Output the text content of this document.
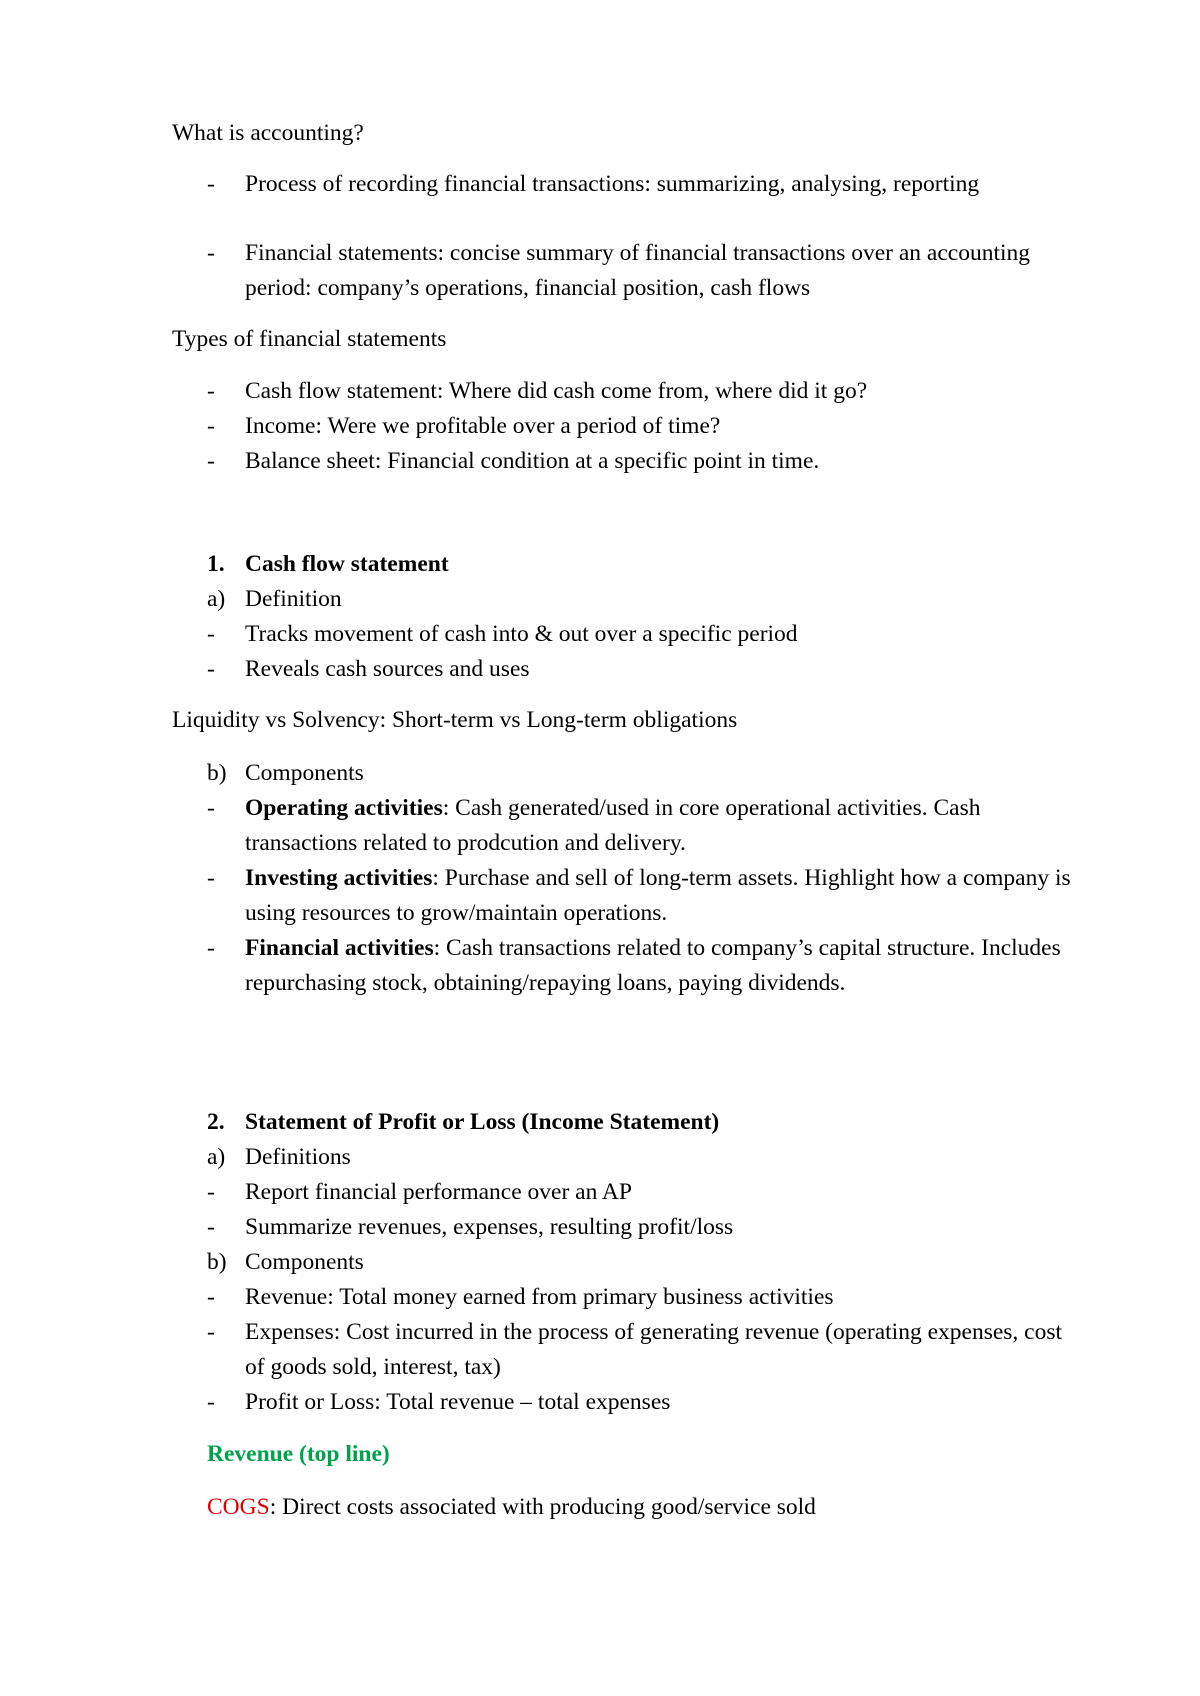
What is accounting?

- Process of recording financial transactions: summarizing, analysing, reporting
- Financial statements: concise summary of financial transactions over an accounting period: company’s operations, financial position, cash flows

Types of financial statements

- Cash flow statement: Where did cash come from, where did it go?
- Income: Were we profitable over a period of time?
- Balance sheet: Financial condition at a specific point in time.
1. Cash flow statement
a) Definition
- Tracks movement of cash into & out over a specific period
- Reveals cash sources and uses

Liquidity vs Solvency: Short-term vs Long-term obligations

b) Components
- Operating activities: Cash generated/used in core operational activities. Cash transactions related to prodcution and delivery.
- Investing activities: Purchase and sell of long-term assets. Highlight how a company is using resources to grow/maintain operations.
- Financial activities: Cash transactions related to company’s capital structure. Includes repurchasing stock, obtaining/repaying loans, paying dividends.
2. Statement of Profit or Loss (Income Statement)
a) Definitions
- Report financial performance over an AP
- Summarize revenues, expenses, resulting profit/loss
b) Components
- Revenue: Total money earned from primary business activities
- Expenses: Cost incurred in the process of generating revenue (operating expenses, cost of goods sold, interest, tax)
- Profit or Loss: Total revenue – total expenses

Revenue (top line)

COGS: Direct costs associated with producing good/service sold
